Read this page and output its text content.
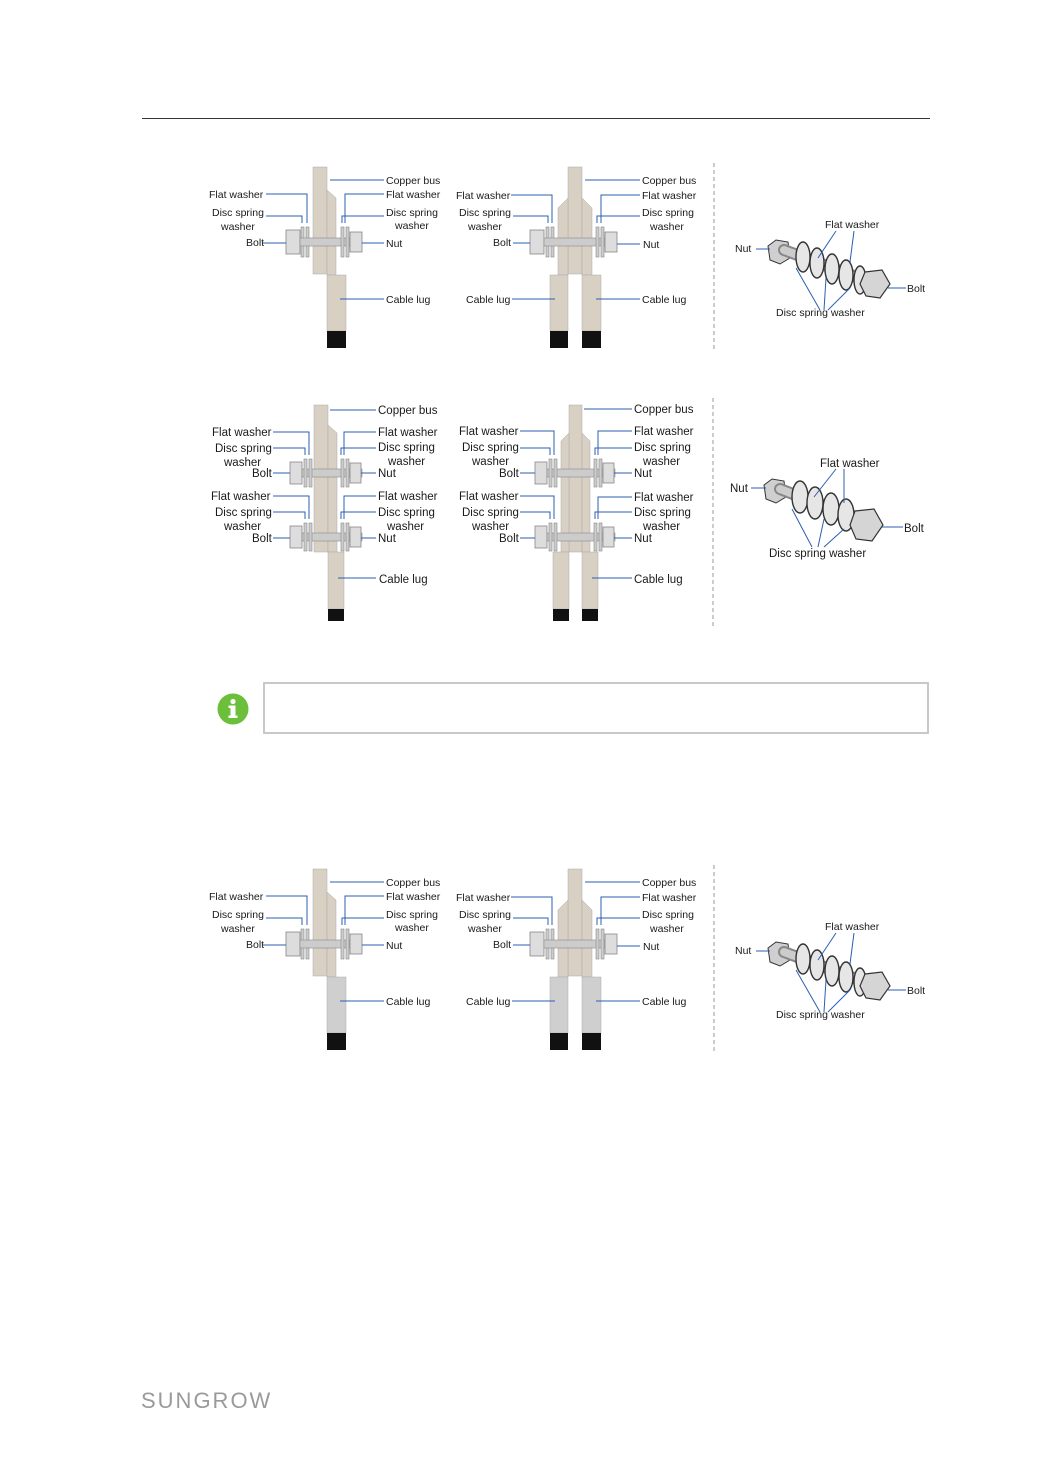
Flat washer
Disc spring
washer
Bolt
Copper bus
Flat washer
Disc spring
washer
Nut
Cable lug
Flat washer
Disc spring
washer
Bolt
Copper bus
Flat washer
Disc spring
washer
Nut
Cable lug	Cable lug
Flat washer
Nut
Bolt
Disc spring washer
Flat washer
Disc spring
washer
Bolt
Flat washer
Disc spring
washer
Bolt
Copper bus
Flat washer
Disc spring
washer
Nut
Flat washer
Disc spring
washer
Nut
Cable lug
Flat washer
Disc spring
washer
Bolt
Flat washer
Disc spring
washer
Bolt
Copper bus
Flat washer
Disc spring
washer
Nut
Flat washer
Disc spring
washer
Nut
Cable lug
Flat washer
Nut
Bolt
Disc spring washer
Flat washer
Disc spring
washer
Bolt
Copper bus
Flat washer
Disc spring
washer
Nut
Cable lug
Flat washer
Disc spring
washer
Bolt
Copper bus
Flat washer
Disc spring
washer
Nut
Cable lug	Cable lug
Flat washer
Nut
Bolt
Disc spring washer
SUNGROW
